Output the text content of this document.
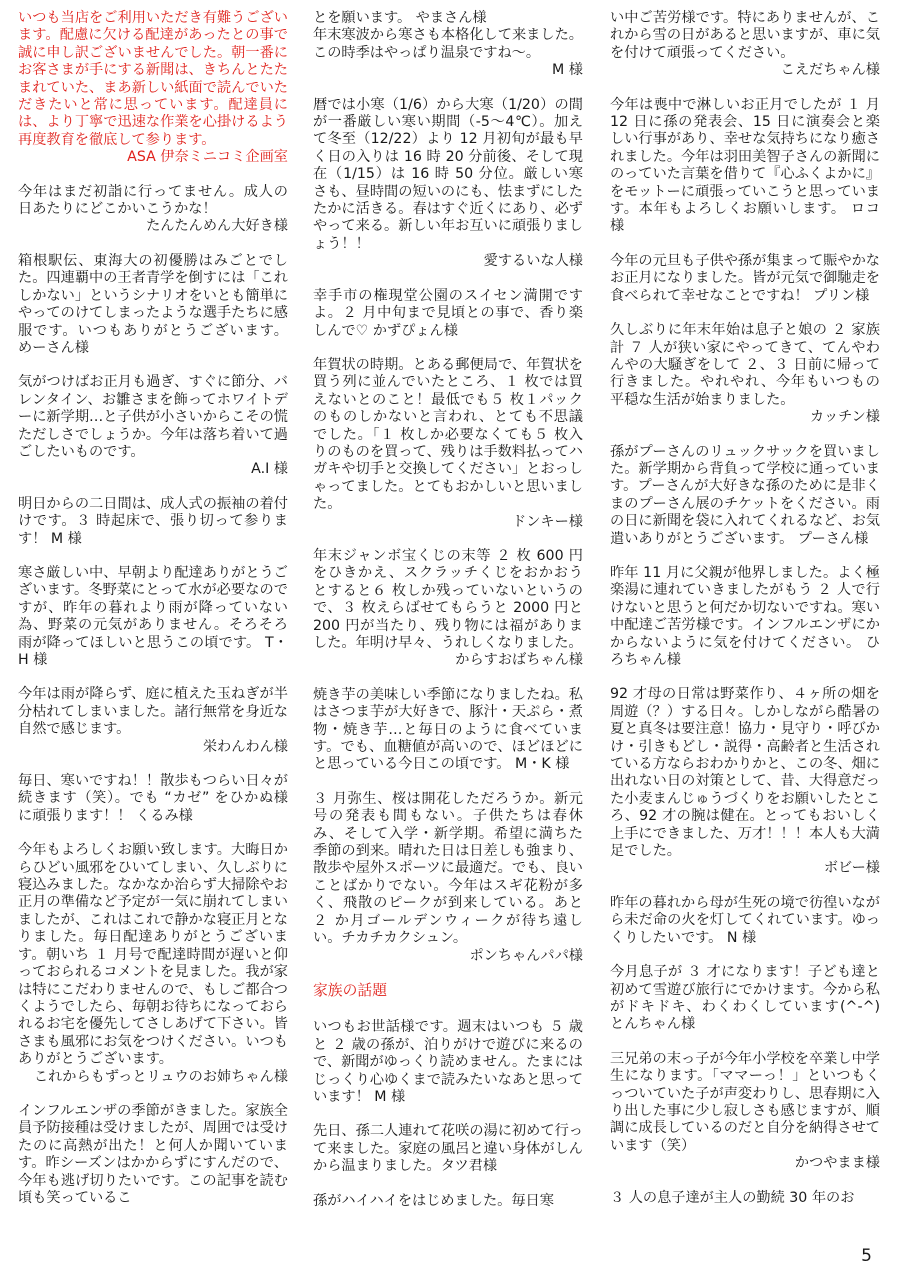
いつも当店をご利用いただき有難うございます。配慮に欠ける配達があったとの事で誠に申し訳ございませんでした。朝一番にお客さまが手にする新聞は、きちんとたたまれていた、まあ新しい紙面で読んでいただきたいと常に思っています。配達員には、より丁寧で迅速な作業を心掛けるよう再度教育を徹底して参ります。

ASA 伊奈ミニコミ企画室

今年はまだ初詣に行ってません。成人の日あたりにどこかいこうかな！

たんたんめん大好き様

箱根駅伝、東海大の初優勝はみごとでした。四連覇中の王者青学を倒すには「これしかない」というシナリオをいとも簡単にやってのけてしまったような選手たちに感服です。いつもありがとうございます。 めーさん様

気がつけばお正月も過ぎ、すぐに節分、バレンタイン、お雛さまを飾ってホワイトデーに新学期…と子供が小さいからこその慌ただしさでしょうか。今年は落ち着いて過ごしたいものです。

A.I 様

明日からの二日間は、成人式の振袖の着付けです。３ 時起床で、張り切って参ります！ M 様

寒さ厳しい中、早朝より配達ありがとうございます。冬野菜にとって水が必要なのですが、昨年の暮れより雨が降っていない為、野菜の元気がありません。そろそろ雨が降ってほしいと思うこの頃です。 T・H 様

今年は雨が降らず、庭に植えた玉ねぎが半分枯れてしまいました。諸行無常を身近な自然で感じます。

栄わんわん様

毎日、寒いですね！！散歩もつらい日々が続きます（笑）。でも “カゼ” をひかぬ様に頑張ります！！ くるみ様

今年もよろしくお願い致します。大晦日からひどい風邪をひいてしまい、久しぶりに寝込みました。なかなか治らず大掃除やお正月の準備など予定が一気に崩れてしまいましたが、これはこれで静かな寝正月となりました。毎日配達ありがとうございます。朝いち １ 月号で配達時間が遅いと仰っておられるコメントを見ました。我が家は特にこだわりませんので、もしご都合つくようでしたら、毎朝お待ちになっておられるお宅を優先してさしあげて下さい。皆さまも風邪にお気をつけください。いつもありがとうございます。

これからもずっとリュウのお姉ちゃん様

インフルエンザの季節がきました。家族全員予防接種は受けましたが、周囲では受けたのに高熱が出た！と何人か聞いています。昨シーズンはかからずにすんだので、今年も逃げ切りたいです。この記事を読む頃も笑っているこ

とを願います。 やまさん様
年末寒波から寒さも本格化して来ました。この時季はやっぱり温泉ですね～。

M 様

暦では小寒（1/6）から大寒（1/20）の間が一番厳しい寒い期間（-5～4℃）。加えて冬至（12/22）より 12 月初旬が最も早く日の入りは 16 時 20 分前後、そして現在（1/15）は 16 時 50 分位。厳しい寒さも、昼時間の短いのにも、怯まずにしたたかに活きる。春はすぐ近くにあり、必ずやって来る。新しい年お互いに頑張りましょう！！

愛するいな人様

幸手市の権現堂公園のスイセン満開ですよ。２ 月中旬まで見頃との事で、香り楽しんで♡ かずぴょん様

年賀状の時期。とある郵便局で、年賀状を買う列に並んでいたところ、１ 枚では買えないとのこと！最低でも５ 枚１パックのものしかないと言われ、とても不思議でした。「１ 枚しか必要なくても５ 枚入りのものを買って、残りは手数料払ってハガキや切手と交換してください」とおっしゃってました。とてもおかしいと思いました。

ドンキー様

年末ジャンボ宝くじの末等 ２ 枚 600 円をひきかえ、スクラッチくじをおかおうとすると６ 枚しか残っていないというので、３ 枚えらばせてもらうと 2000 円と 200 円が当たり、残り物には福がありました。年明け早々、うれしくなりました。

からすおばちゃん様

焼き芋の美味しい季節になりましたね。私はさつま芋が大好きで、豚汁・天ぷら・煮物・焼き芋…と毎日のように食べています。でも、血糖値が高いので、ほどほどにと思っている今日この頃です。 M・K 様

３ 月弥生、桜は開花しただろうか。新元号の発表も間もない。子供たちは春休み、そして入学・新学期。希望に満ちた季節の到来。晴れた日は日差しも強まり、散歩や屋外スポーツに最適だ。でも、良いことばかりでない。今年はスギ花粉が多く、飛散のピークが到来している。あと ２ か月ゴールデンウィークが待ち遠しい。チカチカクシュン。

ポンちゃんパパ様
家族の話題

いつもお世話様です。週末はいつも ５ 歳と ２ 歳の孫が、泊りがけで遊びに来るので、新聞がゆっくり読めません。たまにはじっくり心ゆくまで読みたいなあと思っています！ M 様

先日、孫二人連れて花咲の湯に初めて行って来ました。家庭の風呂と違い身体がしんから温まりました。タツ君様

孫がハイハイをはじめました。毎日寒

い中ご苦労様です。特にありませんが、これから雪の日があると思いますが、車に気を付けて頑張ってください。

こえだちゃん様

今年は喪中で淋しいお正月でしたが １ 月 12 日に孫の発表会、15 日に演奏会と楽しい行事があり、幸せな気持ちになり癒されました。今年は羽田美智子さんの新聞にのっていた言葉を借りて『心ふくよかに』をモットーに頑張っていこうと思っています。本年もよろしくお願いします。 ロコ様

今年の元旦も子供や孫が集まって賑やかなお正月になりました。皆が元気で御馳走を食べられて幸せなことですね！ プリン様

久しぶりに年末年始は息子と娘の ２ 家族計 ７ 人が狭い家にやってきて、てんやわんやの大騒ぎをして ２、３ 日前に帰って行きました。やれやれ、今年もいつもの平穏な生活が始まりました。

カッチン様

孫がプーさんのリュックサックを買いました。新学期から背負って学校に通っています。プーさんが大好きな孫のために是非くまのプーさん展のチケットをください。雨の日に新聞を袋に入れてくれるなど、お気遣いありがとうございます。 プーさん様

昨年 11 月に父親が他界しました。よく極楽湯に連れていきましたがもう ２ 人で行けないと思うと何だか切ないですね。寒い中配達ご苦労様です。インフルエンザにかからないように気を付けてください。 ひろちゃん様

92 才母の日常は野菜作り、４ヶ所の畑を周遊（？）する日々。しかしながら酷暑の夏と真冬は要注意！協力・見守り・呼びかけ・引きもどし・説得・高齢者と生活されている方ならおわかりかと、この冬、畑に出れない日の対策として、昔、大得意だった小麦まんじゅうづくりをお願いしたところ、92 才の腕は健在。とってもおいしく上手にできました、万才！！！本人も大満足でした。

ボビー様

昨年の暮れから母が生死の境で彷徨いながら未だ命の火を灯してくれています。ゆっくりしたいです。 N 様

今月息子が ３ 才になります！子ども達と初めて雪遊び旅行にでかけます。今から私がドキドキ、わくわくしています(^-^) とんちゃん様

三兄弟の末っ子が今年小学校を卒業し中学生になります。「ママーっ！」といつもくっついていた子が声変わりし、思春期に入り出した事に少し寂しさも感じますが、順調に成長しているのだと自分を納得させています（笑）

かつやまま様

３ 人の息子達が主人の勤続 30 年のお

5
